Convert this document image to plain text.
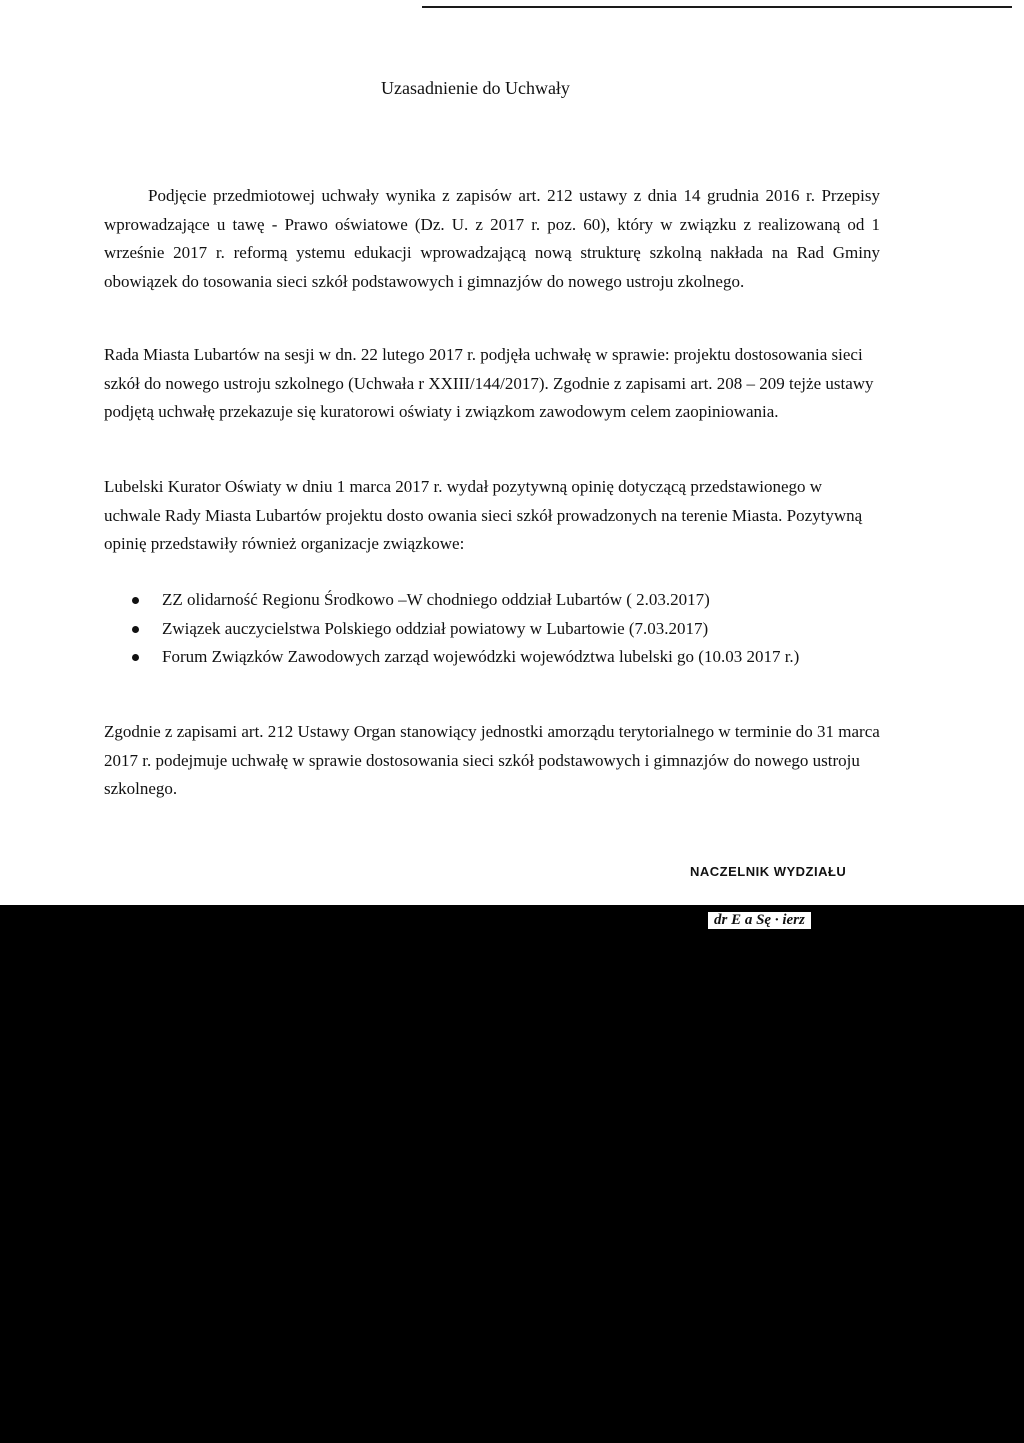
Uzasadnienie do Uchwały

Podjęcie przedmiotowej uchwały wynika z zapisów art. 212 ustawy z dnia 14 grudnia 2016 r. Przepisy wprowadzające u tawę - Prawo oświatowe (Dz. U. z 2017 r. poz. 60), który w związku z realizowaną od 1 wrześnie 2017 r. reformą ystemu edukacji wprowadzającą nową strukturę szkolną nakłada na Rad Gminy obowiązek do tosowania sieci szkół podstawowych i gimnazjów do nowego ustroju zkolnego.

Rada Miasta Lubartów na sesji w dn. 22 lutego 2017 r. podjęła uchwałę w sprawie: projektu dostosowania sieci szkół do nowego ustroju szkolnego (Uchwała r XXIII/144/2017). Zgodnie z zapisami art. 208 – 209 tejże ustawy podjętą uchwałę przekazuje się kuratorowi oświaty i związkom zawodowym celem zaopiniowania.

Lubelski Kurator Oświaty w dniu 1 marca 2017 r. wydał pozytywną opinię dotyczącą przedstawionego w uchwale Rady Miasta Lubartów projektu dosto owania sieci szkół prowadzonych na terenie Miasta. Pozytywną opinię przedstawiły również organizacje związkowe:

ZZ olidarność Regionu Środkowo –W chodniego oddział Lubartów ( 2.03.2017)
Związek auczycielstwa Polskiego oddział powiatowy w Lubartowie (7.03.2017)
Forum Związków Zawodowych zarząd wojewódzki województwa lubelski go (10.03 2017 r.)

Zgodnie z zapisami art. 212 Ustawy Organ stanowiący jednostki amorządu terytorialnego w terminie do 31 marca 2017 r. podejmuje uchwałę w sprawie dostosowania sieci szkół podstawowych i gimnazjów do nowego ustroju szkolnego.

NACZELNIK WYDZIAŁU
dr E a Sę · ierz
